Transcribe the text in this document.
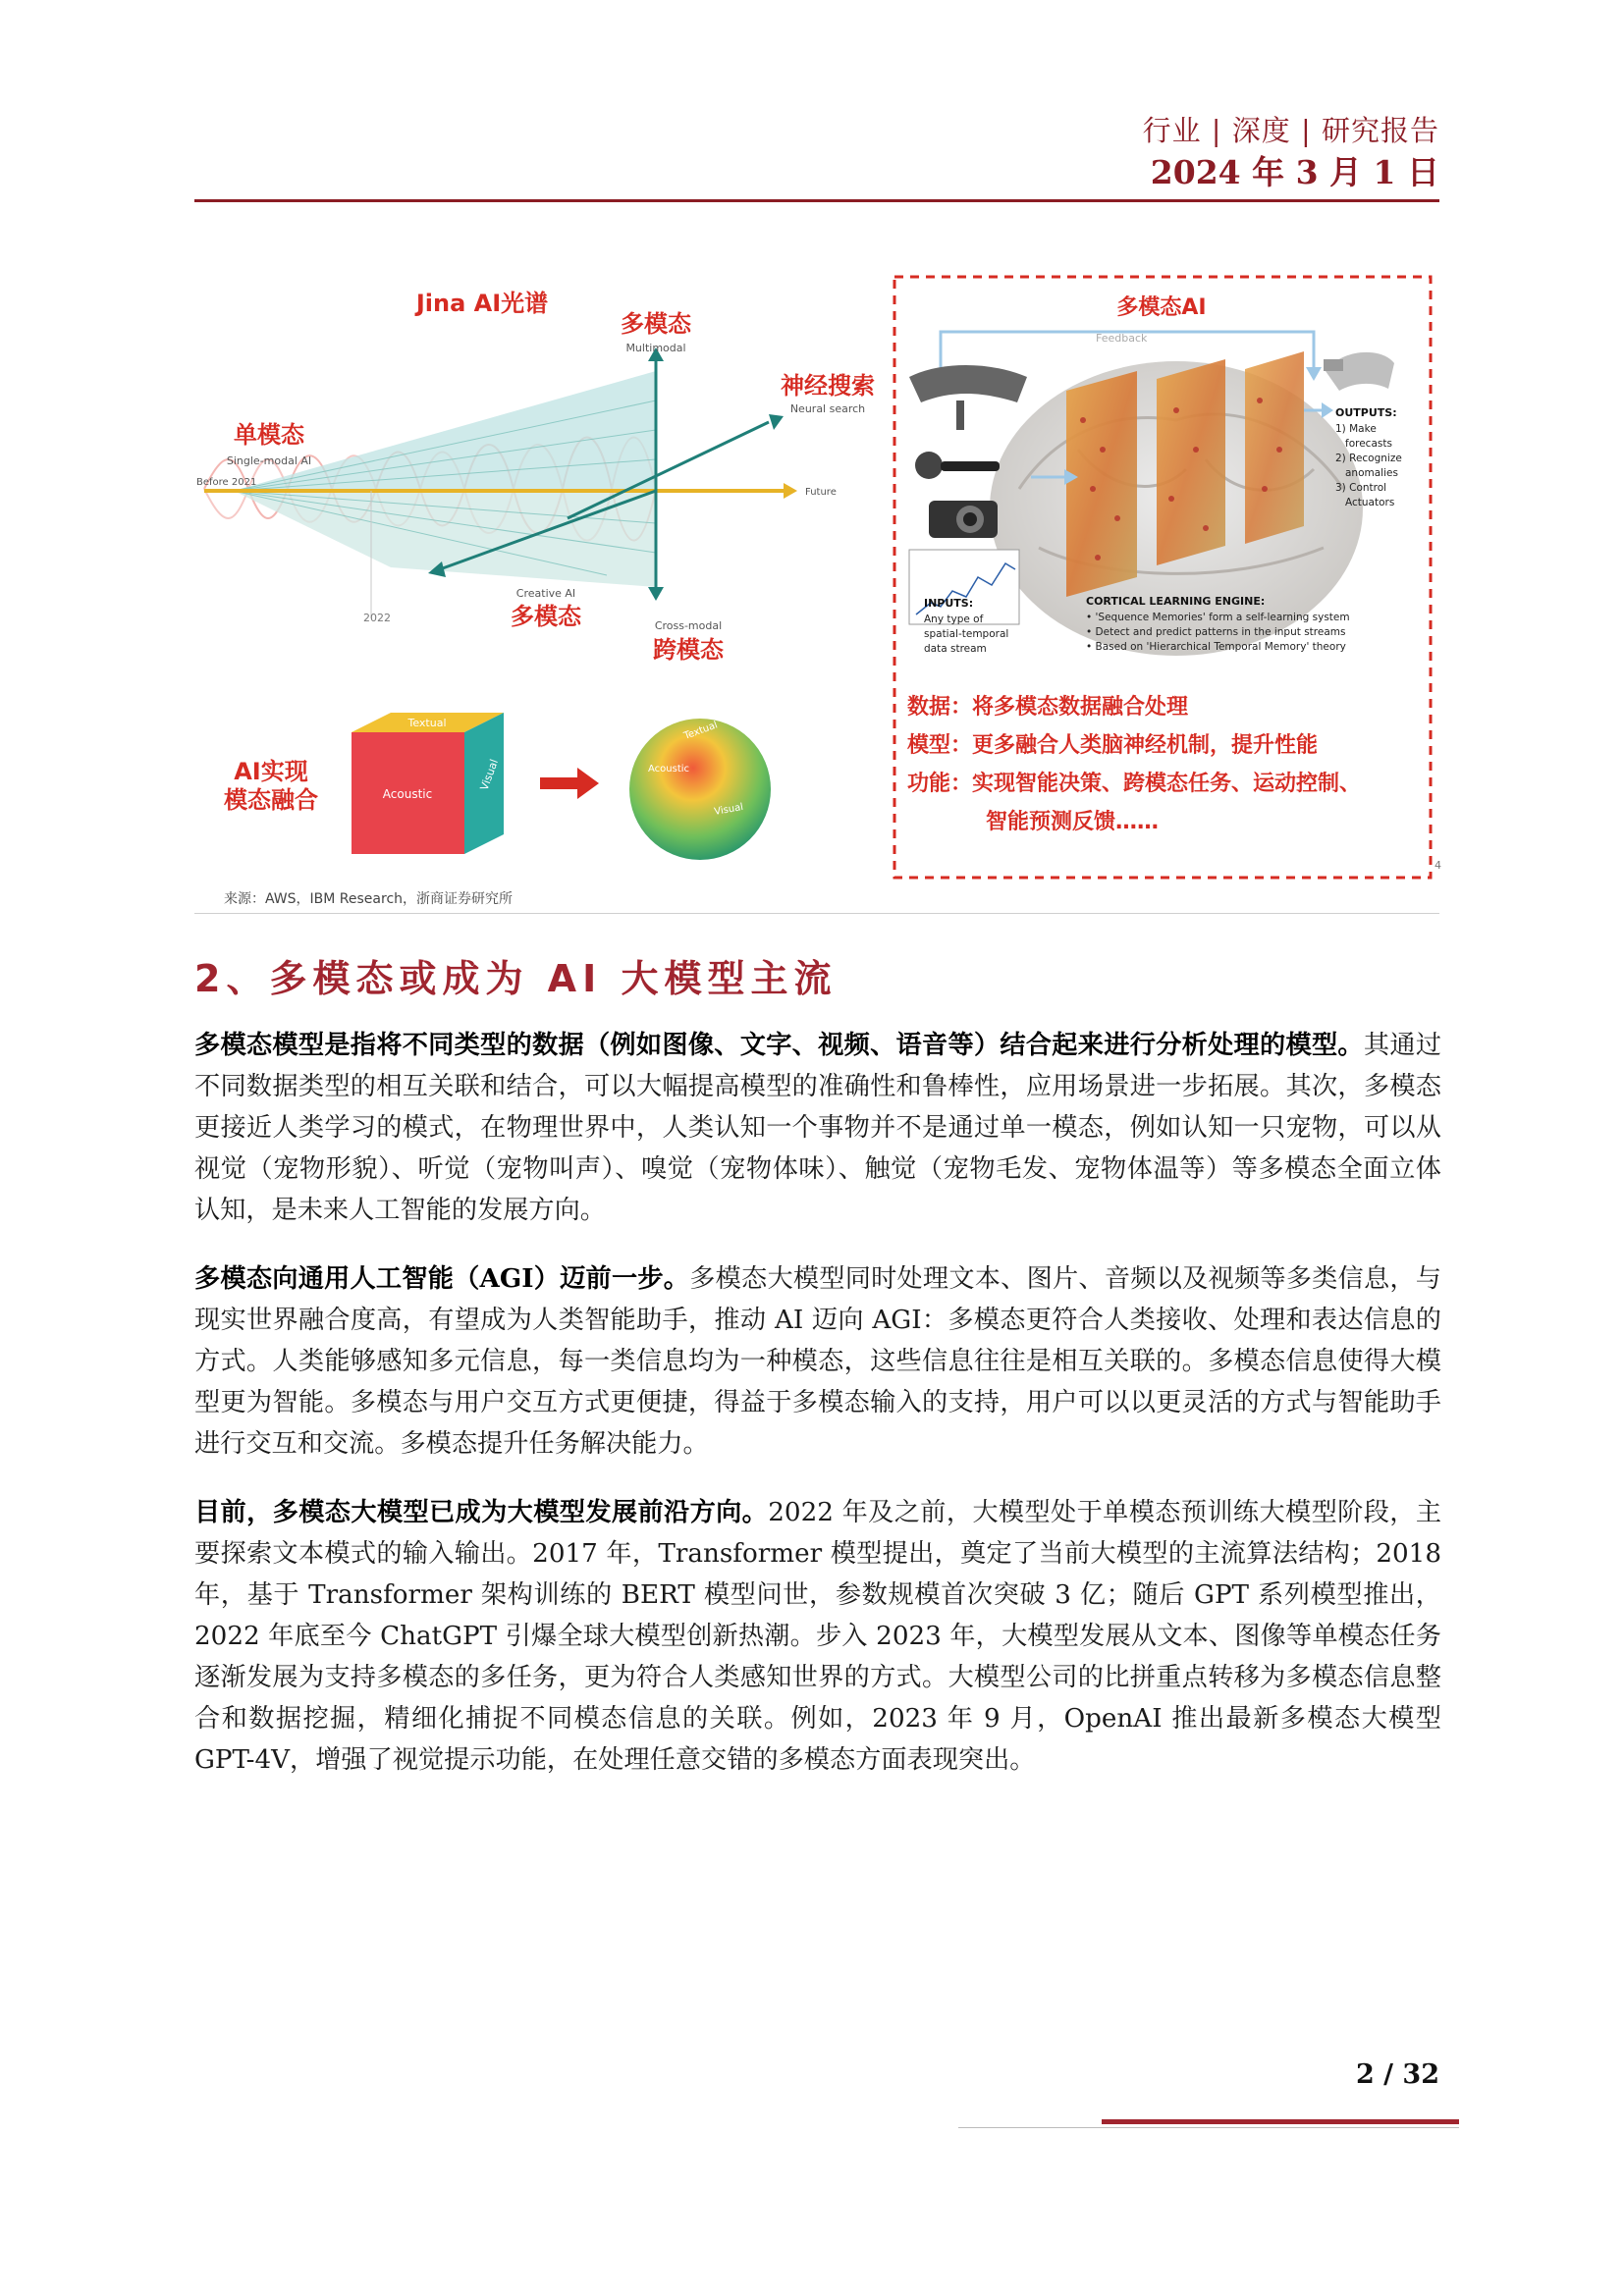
行业 | 深度 | 研究报告
2024 年 3 月 1 日
Jina AI光谱
Before 2021
Future
2022
多模态
Multimodal
神经搜索
Neural search
单模态
Single-modal AI
Creative AI
多模态	Cross-modal
跨模态
AI实现
模态融合
Textual
Acoustic
Visual
Textual
Acoustic
Visual
来源：AWS，IBM Research，浙商证券研究所
多模态AI
Feedback
OUTPUTS:
1) Make
forecasts
2) Recognize
anomalies
3) Control
Actuators
INPUTS:
Any type of
spatial-temporal
data stream
CORTICAL LEARNING ENGINE:
• 'Sequence Memories' form a self-learning system
• Detect and predict patterns in the input streams
• Based on 'Hierarchical Temporal Memory' theory
数据：将多模态数据融合处理
模型：更多融合人类脑神经机制，提升性能
功能：实现智能决策、跨模态任务、运动控制、
智能预测反馈……
4
2、多模态或成为 AI 大模型主流

多模态模型是指将不同类型的数据（例如图像、文字、视频、语音等）结合起来进行分析处理的模型。其通过不同数据类型的相互关联和结合，可以大幅提高模型的准确性和鲁棒性，应用场景进一步拓展。其次，多模态更接近人类学习的模式，在物理世界中，人类认知一个事物并不是通过单一模态，例如认知一只宠物，可以从视觉（宠物形貌）、听觉（宠物叫声）、嗅觉（宠物体味）、触觉（宠物毛发、宠物体温等）等多模态全面立体认知，是未来人工智能的发展方向。

多模态向通用人工智能（AGI）迈前一步。多模态大模型同时处理文本、图片、音频以及视频等多类信息，与现实世界融合度高，有望成为人类智能助手，推动 AI 迈向 AGI：多模态更符合人类接收、处理和表达信息的方式。人类能够感知多元信息，每一类信息均为一种模态，这些信息往往是相互关联的。多模态信息使得大模型更为智能。多模态与用户交互方式更便捷，得益于多模态输入的支持，用户可以以更灵活的方式与智能助手进行交互和交流。多模态提升任务解决能力。

目前，多模态大模型已成为大模型发展前沿方向。2022 年及之前，大模型处于单模态预训练大模型阶段，主要探索文本模式的输入输出。2017 年，Transformer 模型提出，奠定了当前大模型的主流算法结构；2018 年，基于 Transformer 架构训练的 BERT 模型问世，参数规模首次突破 3 亿；随后 GPT 系列模型推出，2022 年底至今 ChatGPT 引爆全球大模型创新热潮。步入 2023 年，大模型发展从文本、图像等单模态任务逐渐发展为支持多模态的多任务，更为符合人类感知世界的方式。大模型公司的比拼重点转移为多模态信息整合和数据挖掘，精细化捕捉不同模态信息的关联。例如，2023 年 9 月，OpenAI 推出最新多模态大模型 GPT-4V，增强了视觉提示功能，在处理任意交错的多模态方面表现突出。

2 / 32
